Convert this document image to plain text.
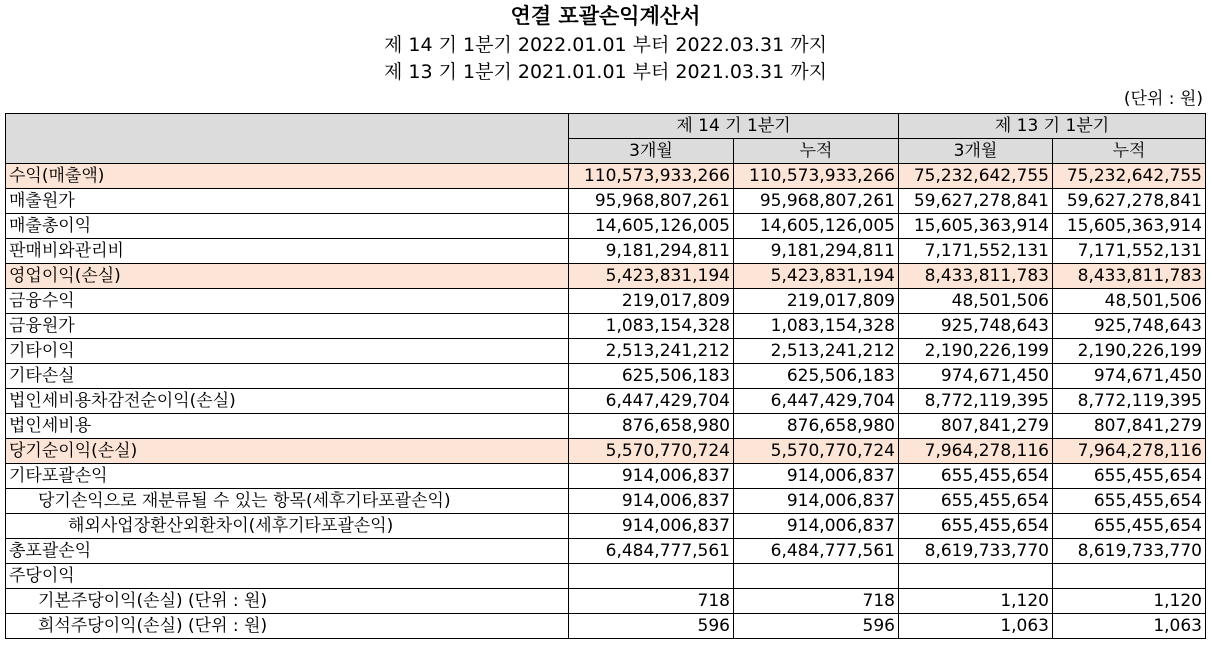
연결 포괄손익계산서
제 14 기 1분기 2022.01.01 부터 2022.03.31 까지
제 13 기 1분기 2021.01.01 부터 2021.03.31 까지
(단위 : 원)
	제 14 기 1분기		제 13 기 1분기	
	3개월	누적	3개월	누적
수익(매출액)	110,573,933,266	110,573,933,266	75,232,642,755	75,232,642,755
매출원가	95,968,807,261	95,968,807,261	59,627,278,841	59,627,278,841
매출총이익	14,605,126,005	14,605,126,005	15,605,363,914	15,605,363,914
판매비와관리비	9,181,294,811	9,181,294,811	7,171,552,131	7,171,552,131
영업이익(손실)	5,423,831,194	5,423,831,194	8,433,811,783	8,433,811,783
금융수익	219,017,809	219,017,809	48,501,506	48,501,506
금융원가	1,083,154,328	1,083,154,328	925,748,643	925,748,643
기타이익	2,513,241,212	2,513,241,212	2,190,226,199	2,190,226,199
기타손실	625,506,183	625,506,183	974,671,450	974,671,450
법인세비용차감전순이익(손실)	6,447,429,704	6,447,429,704	8,772,119,395	8,772,119,395
법인세비용	876,658,980	876,658,980	807,841,279	807,841,279
당기순이익(손실)	5,570,770,724	5,570,770,724	7,964,278,116	7,964,278,116
기타포괄손익	914,006,837	914,006,837	655,455,654	655,455,654
당기손익으로 재분류될 수 있는 항목(세후기타포괄손익)	914,006,837	914,006,837	655,455,654	655,455,654
해외사업장환산외환차이(세후기타포괄손익)	914,006,837	914,006,837	655,455,654	655,455,654
총포괄손익	6,484,777,561	6,484,777,561	8,619,733,770	8,619,733,770
주당이익				
기본주당이익(손실) (단위 : 원)	718	718	1,120	1,120
희석주당이익(손실) (단위 : 원)	596	596	1,063	1,063
